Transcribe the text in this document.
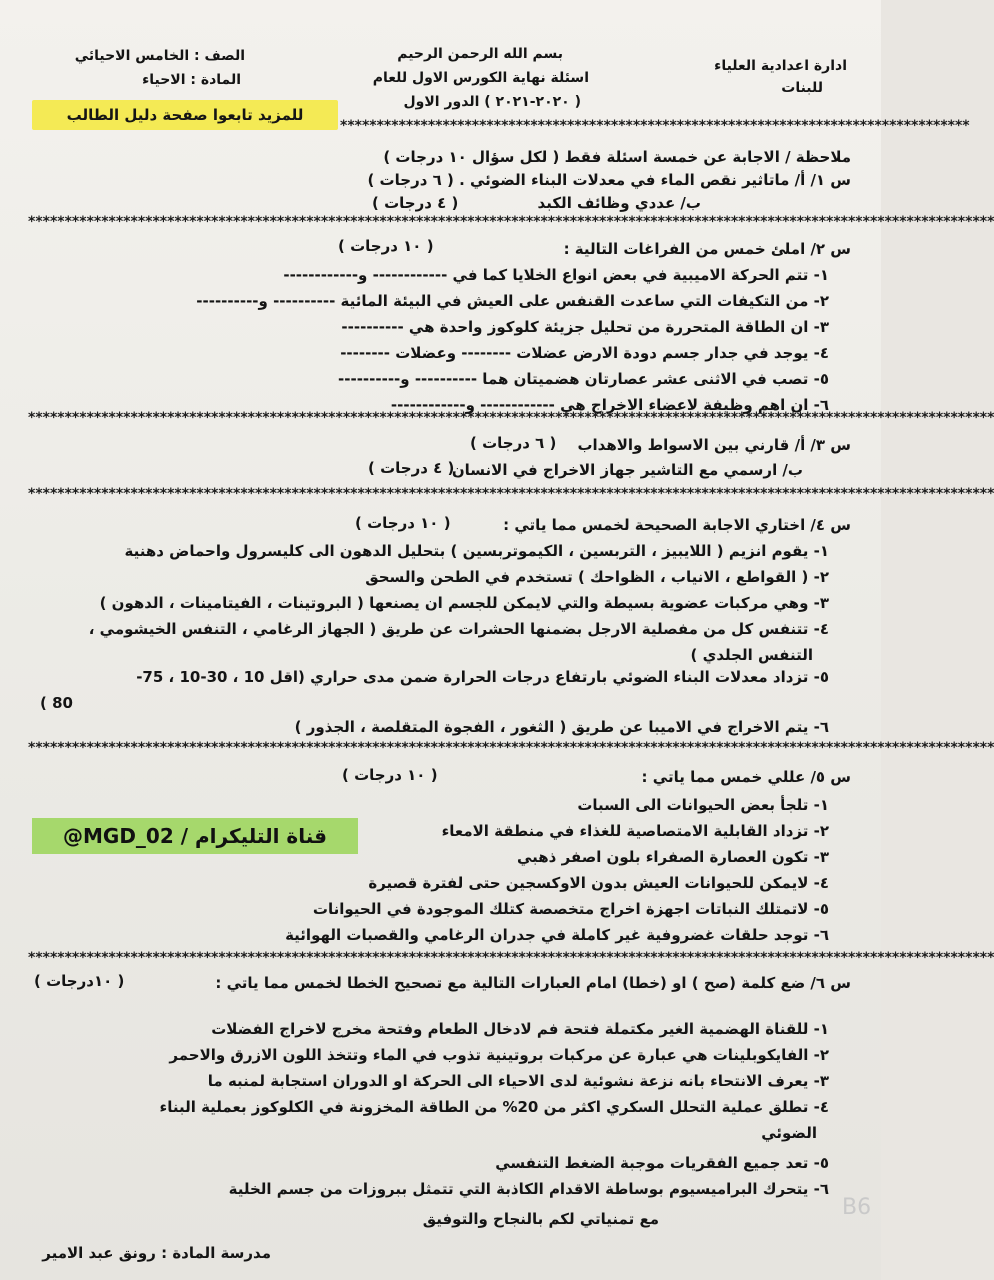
ادارة اعدادية العلياء
للبنات
بسم الله الرحمن الرحيم
اسئلة نهاية الكورس الاول للعام
( ٢٠٢٠-٢٠٢١ ) الدور الاول
الصف : الخامس الاحيائي
المادة : الاحياء
للمزيد تابعوا صفحة دليل الطالب
**************************************************************************************
ملاحظة / الاجابة عن خمسة اسئلة فقط ( لكل سؤال ١٠ درجات )
س ١/ أ/ ماتاثير نقص الماء في معدلات البناء الضوئي . ( ٦ درجات )
ب/ عددي وظائف الكبد
( ٤ درجات )
************************************************************************************************************************************
س ٢/ املئ خمس من الفراغات التالية :
( ١٠ درجات )
١- تتم الحركة الاميبية في بعض انواع الخلايا كما في ------------ و------------
٢- من التكيفات التي ساعدت القنفس على العيش في البيئة المائية ---------- و----------
٣- ان الطاقة المتحررة من تحليل جزيئة كلوكوز واحدة هي ----------
٤- يوجد في جدار جسم دودة الارض عضلات -------- وعضلات --------
٥- تصب في الاثنى عشر عصارتان هضميتان هما ---------- و----------
٦- ان اهم وظيفة لاعضاء الاخراج هي ------------ و------------
************************************************************************************************************************************
س ٣/ أ/ قارني بين الاسواط والاهداب
( ٦ درجات )
ب/ ارسمي مع التاشير جهاز الاخراج في الانسان
( ٤ درجات )
************************************************************************************************************************************
س ٤/ اختاري الاجابة الصحيحة لخمس مما ياتي :
( ١٠ درجات )
١- يقوم انزيم ( اللايبيز ، التربسين ، الكيموتربسين ) بتحليل الدهون الى كليسرول واحماض دهنية
٢- ( القواطع ، الانياب ، الظواحك ) تستخدم في الطحن والسحق
٣- وهي مركبات عضوية بسيطة والتي لايمكن للجسم ان يصنعها ( البروتينات ، الفيتامينات ، الدهون )
٤- تتنفس كل من مفصلية الارجل بضمنها الحشرات عن طريق ( الجهاز الرغامي ، التنفس الخيشومي ،
التنفس الجلدي )
٥- تزداد معدلات البناء الضوئي بارتفاع درجات الحرارة ضمن مدى حراري (اقل 10 ، 30-10 ، 75-
80 )
٦- يتم الاخراج في الاميبا عن طريق ( الثغور ، الفجوة المتقلصة ، الجذور )
************************************************************************************************************************************
س ٥/ عللي خمس مما ياتي :
( ١٠ درجات )
١- تلجأ بعض الحيوانات الى السبات
٢- تزداد القابلية الامتصاصية للغذاء في منطقة الامعاء
٣- تكون العصارة الصفراء بلون اصفر ذهبي
٤- لايمكن للحيوانات العيش بدون الاوكسجين حتى لفترة قصيرة
٥- لاتمتلك النباتات اجهزة اخراج متخصصة كتلك الموجودة في الحيوانات
٦- توجد حلقات غضروفية غير كاملة في جدران الرغامي والقصبات الهوائية
قناة التليكرام / MGD_02@
************************************************************************************************************************************
س ٦/ ضع كلمة (صح ) او (خطا) امام العبارات التالية مع تصحيح الخطا لخمس مما ياتي :
( ١٠درجات )
١- للقناة الهضمية الغير مكتملة فتحة فم لادخال الطعام وفتحة مخرج لاخراج الفضلات
٢- الفايكوبلينات هي عبارة عن مركبات بروتينية تذوب في الماء وتتخذ اللون الازرق والاحمر
٣- يعرف الانتحاء بانه نزعة نشوئية لدى الاحياء الى الحركة او الدوران استجابة لمنبه ما
٤- تطلق عملية التحلل السكري اكثر من 20% من الطاقة المخزونة في الكلوكوز بعملية البناء
الضوئي
٥- تعد جميع الفقريات موجبة الضغط التنفسي
٦- يتحرك البراميسيوم بوساطة الاقدام الكاذبة التي تتمثل ببروزات من جسم الخلية
مع تمنياتي لكم بالنجاح والتوفيق
مدرسة المادة : رونق عبد الامير
B6
